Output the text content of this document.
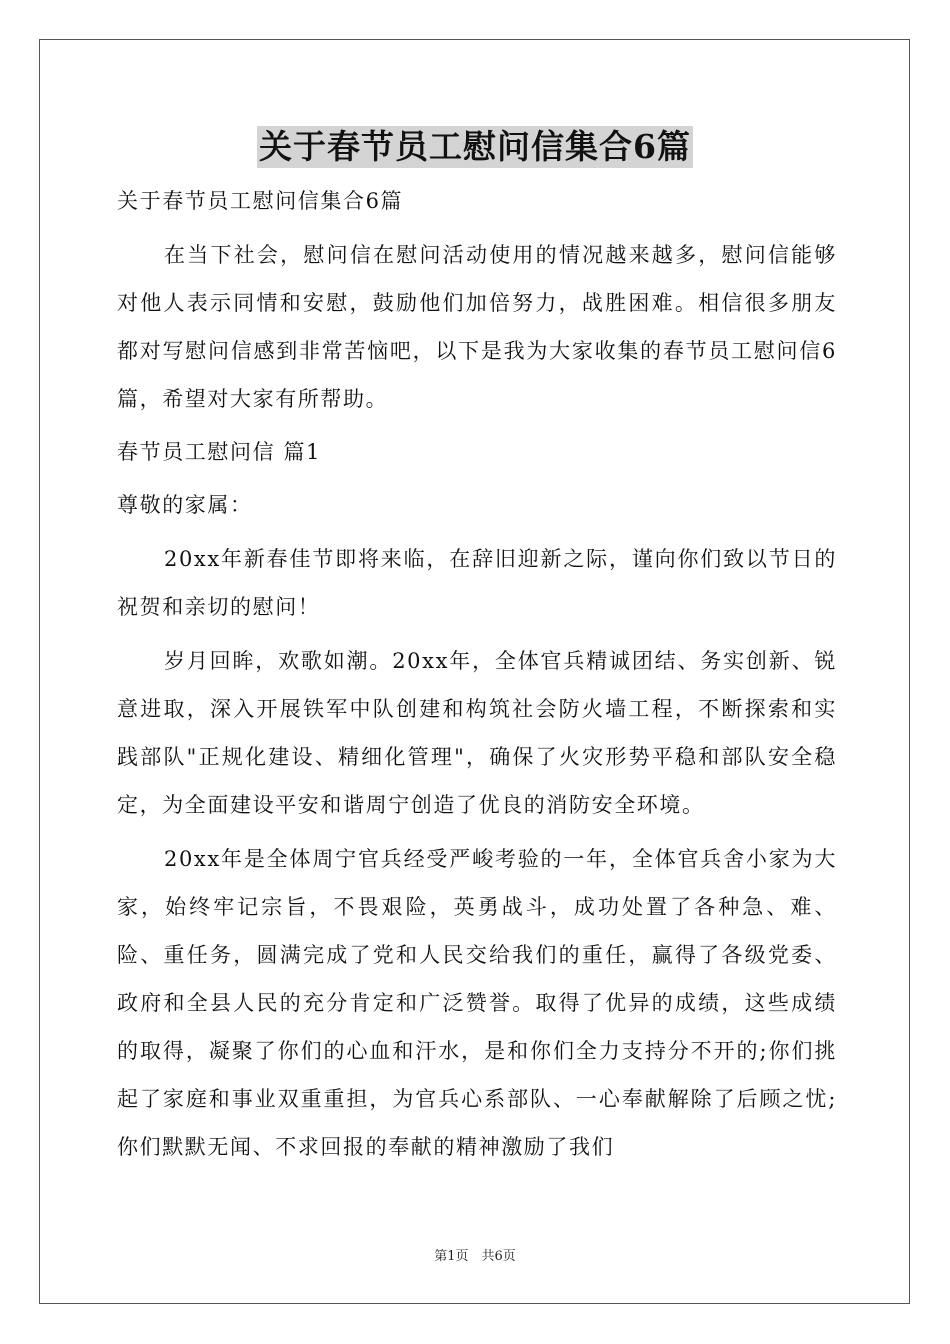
关于春节员工慰问信集合6篇
关于春节员工慰问信集合6篇
在当下社会，慰问信在慰问活动使用的情况越来越多，慰问信能够对他人表示同情和安慰，鼓励他们加倍努力，战胜困难。相信很多朋友都对写慰问信感到非常苦恼吧，以下是我为大家收集的春节员工慰问信6篇，希望对大家有所帮助。
春节员工慰问信 篇1
尊敬的家属：
20xx年新春佳节即将来临，在辞旧迎新之际，谨向你们致以节日的祝贺和亲切的慰问！
岁月回眸，欢歌如潮。20xx年，全体官兵精诚团结、务实创新、锐意进取，深入开展铁军中队创建和构筑社会防火墙工程，不断探索和实践部队"正规化建设、精细化管理"，确保了火灾形势平稳和部队安全稳定，为全面建设平安和谐周宁创造了优良的消防安全环境。
20xx年是全体周宁官兵经受严峻考验的一年，全体官兵舍小家为大家，始终牢记宗旨，不畏艰险，英勇战斗，成功处置了各种急、难、险、重任务，圆满完成了党和人民交给我们的重任，赢得了各级党委、政府和全县人民的充分肯定和广泛赞誉。取得了优异的成绩，这些成绩的取得，凝聚了你们的心血和汗水，是和你们全力支持分不开的;你们挑起了家庭和事业双重重担，为官兵心系部队、一心奉献解除了后顾之忧;你们默默无闻、不求回报的奉献的精神激励了我们
第1页　共6页
